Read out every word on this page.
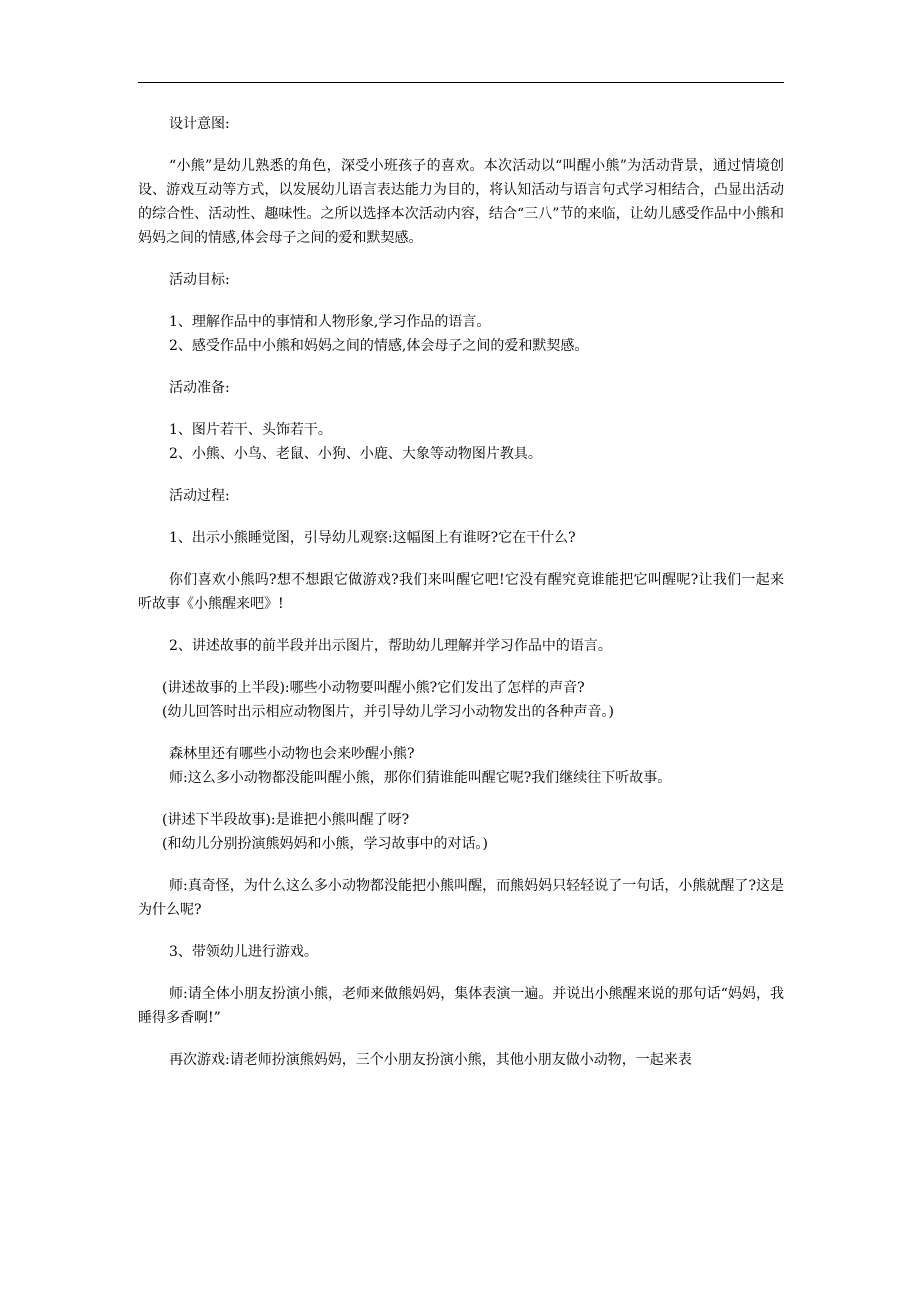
设计意图:

“小熊”是幼儿熟悉的角色，深受小班孩子的喜欢。本次活动以“叫醒小熊”为活动背景，通过情境创设、游戏互动等方式，以发展幼儿语言表达能力为目的，将认知活动与语言句式学习相结合，凸显出活动的综合性、活动性、趣味性。之所以选择本次活动内容，结合“三八”节的来临，让幼儿感受作品中小熊和妈妈之间的情感,体会母子之间的爱和默契感。

活动目标:

1、理解作品中的事情和人物形象,学习作品的语言。

2、感受作品中小熊和妈妈之间的情感,体会母子之间的爱和默契感。

活动准备:

1、图片若干、头饰若干。

2、小熊、小鸟、老鼠、小狗、小鹿、大象等动物图片教具。

活动过程:

1、出示小熊睡觉图，引导幼儿观察:这幅图上有谁呀?它在干什么?

你们喜欢小熊吗?想不想跟它做游戏?我们来叫醒它吧!它没有醒究竟谁能把它叫醒呢?让我们一起来听故事《小熊醒来吧》!

2、讲述故事的前半段并出示图片，帮助幼儿理解并学习作品中的语言。

(讲述故事的上半段):哪些小动物要叫醒小熊?它们发出了怎样的声音?

(幼儿回答时出示相应动物图片，并引导幼儿学习小动物发出的各种声音。)

森林里还有哪些小动物也会来吵醒小熊?

师:这么多小动物都没能叫醒小熊，那你们猜谁能叫醒它呢?我们继续往下听故事。

(讲述下半段故事):是谁把小熊叫醒了呀?

(和幼儿分别扮演熊妈妈和小熊，学习故事中的对话。)

师:真奇怪，为什么这么多小动物都没能把小熊叫醒，而熊妈妈只轻轻说了一句话，小熊就醒了?这是为什么呢?

3、带领幼儿进行游戏。

师:请全体小朋友扮演小熊，老师来做熊妈妈，集体表演一遍。并说出小熊醒来说的那句话“妈妈，我睡得多香啊!”

再次游戏:请老师扮演熊妈妈，三个小朋友扮演小熊，其他小朋友做小动物，一起来表
